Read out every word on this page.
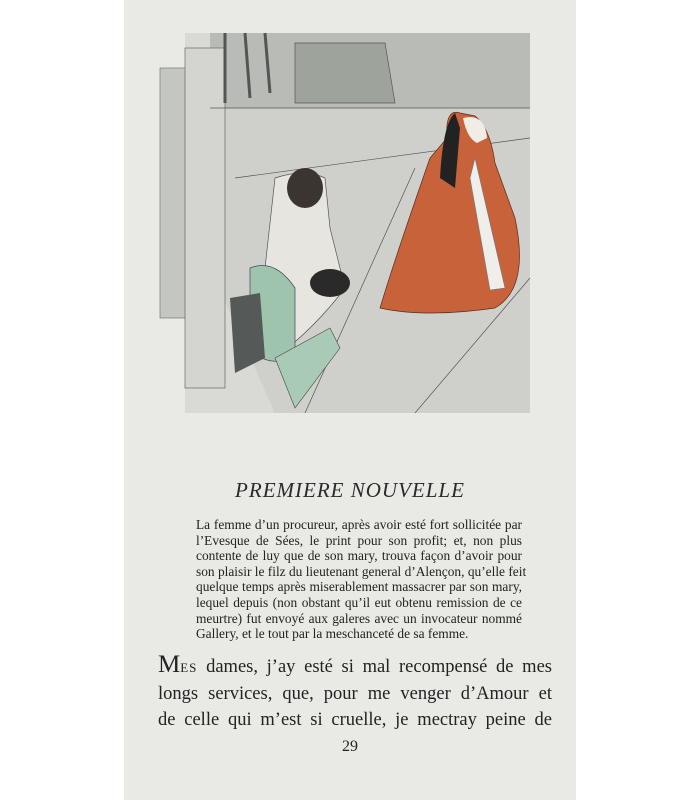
PREMIERE NOUVELLE
La femme d’un procureur, après avoir esté fort sollicitée par
l’Evesque de Sées, le print pour son profit; et, non plus
contente de luy que de son mary, trouva façon d’avoir pour
son plaisir le filz du lieutenant general d’Alençon, qu’elle feit
quelque temps après miserablement massacrer par son mary,
lequel depuis (non obstant qu’il eut obtenu remission de ce
meurtre) fut envoyé aux galeres avec un invocateur nommé
Gallery, et le tout par la meschanceté de sa femme.
MES dames, j’ay esté si mal recompensé de mes
longs services, que, pour me venger d’Amour et
de celle qui m’est si cruelle, je mectray peine de
29
